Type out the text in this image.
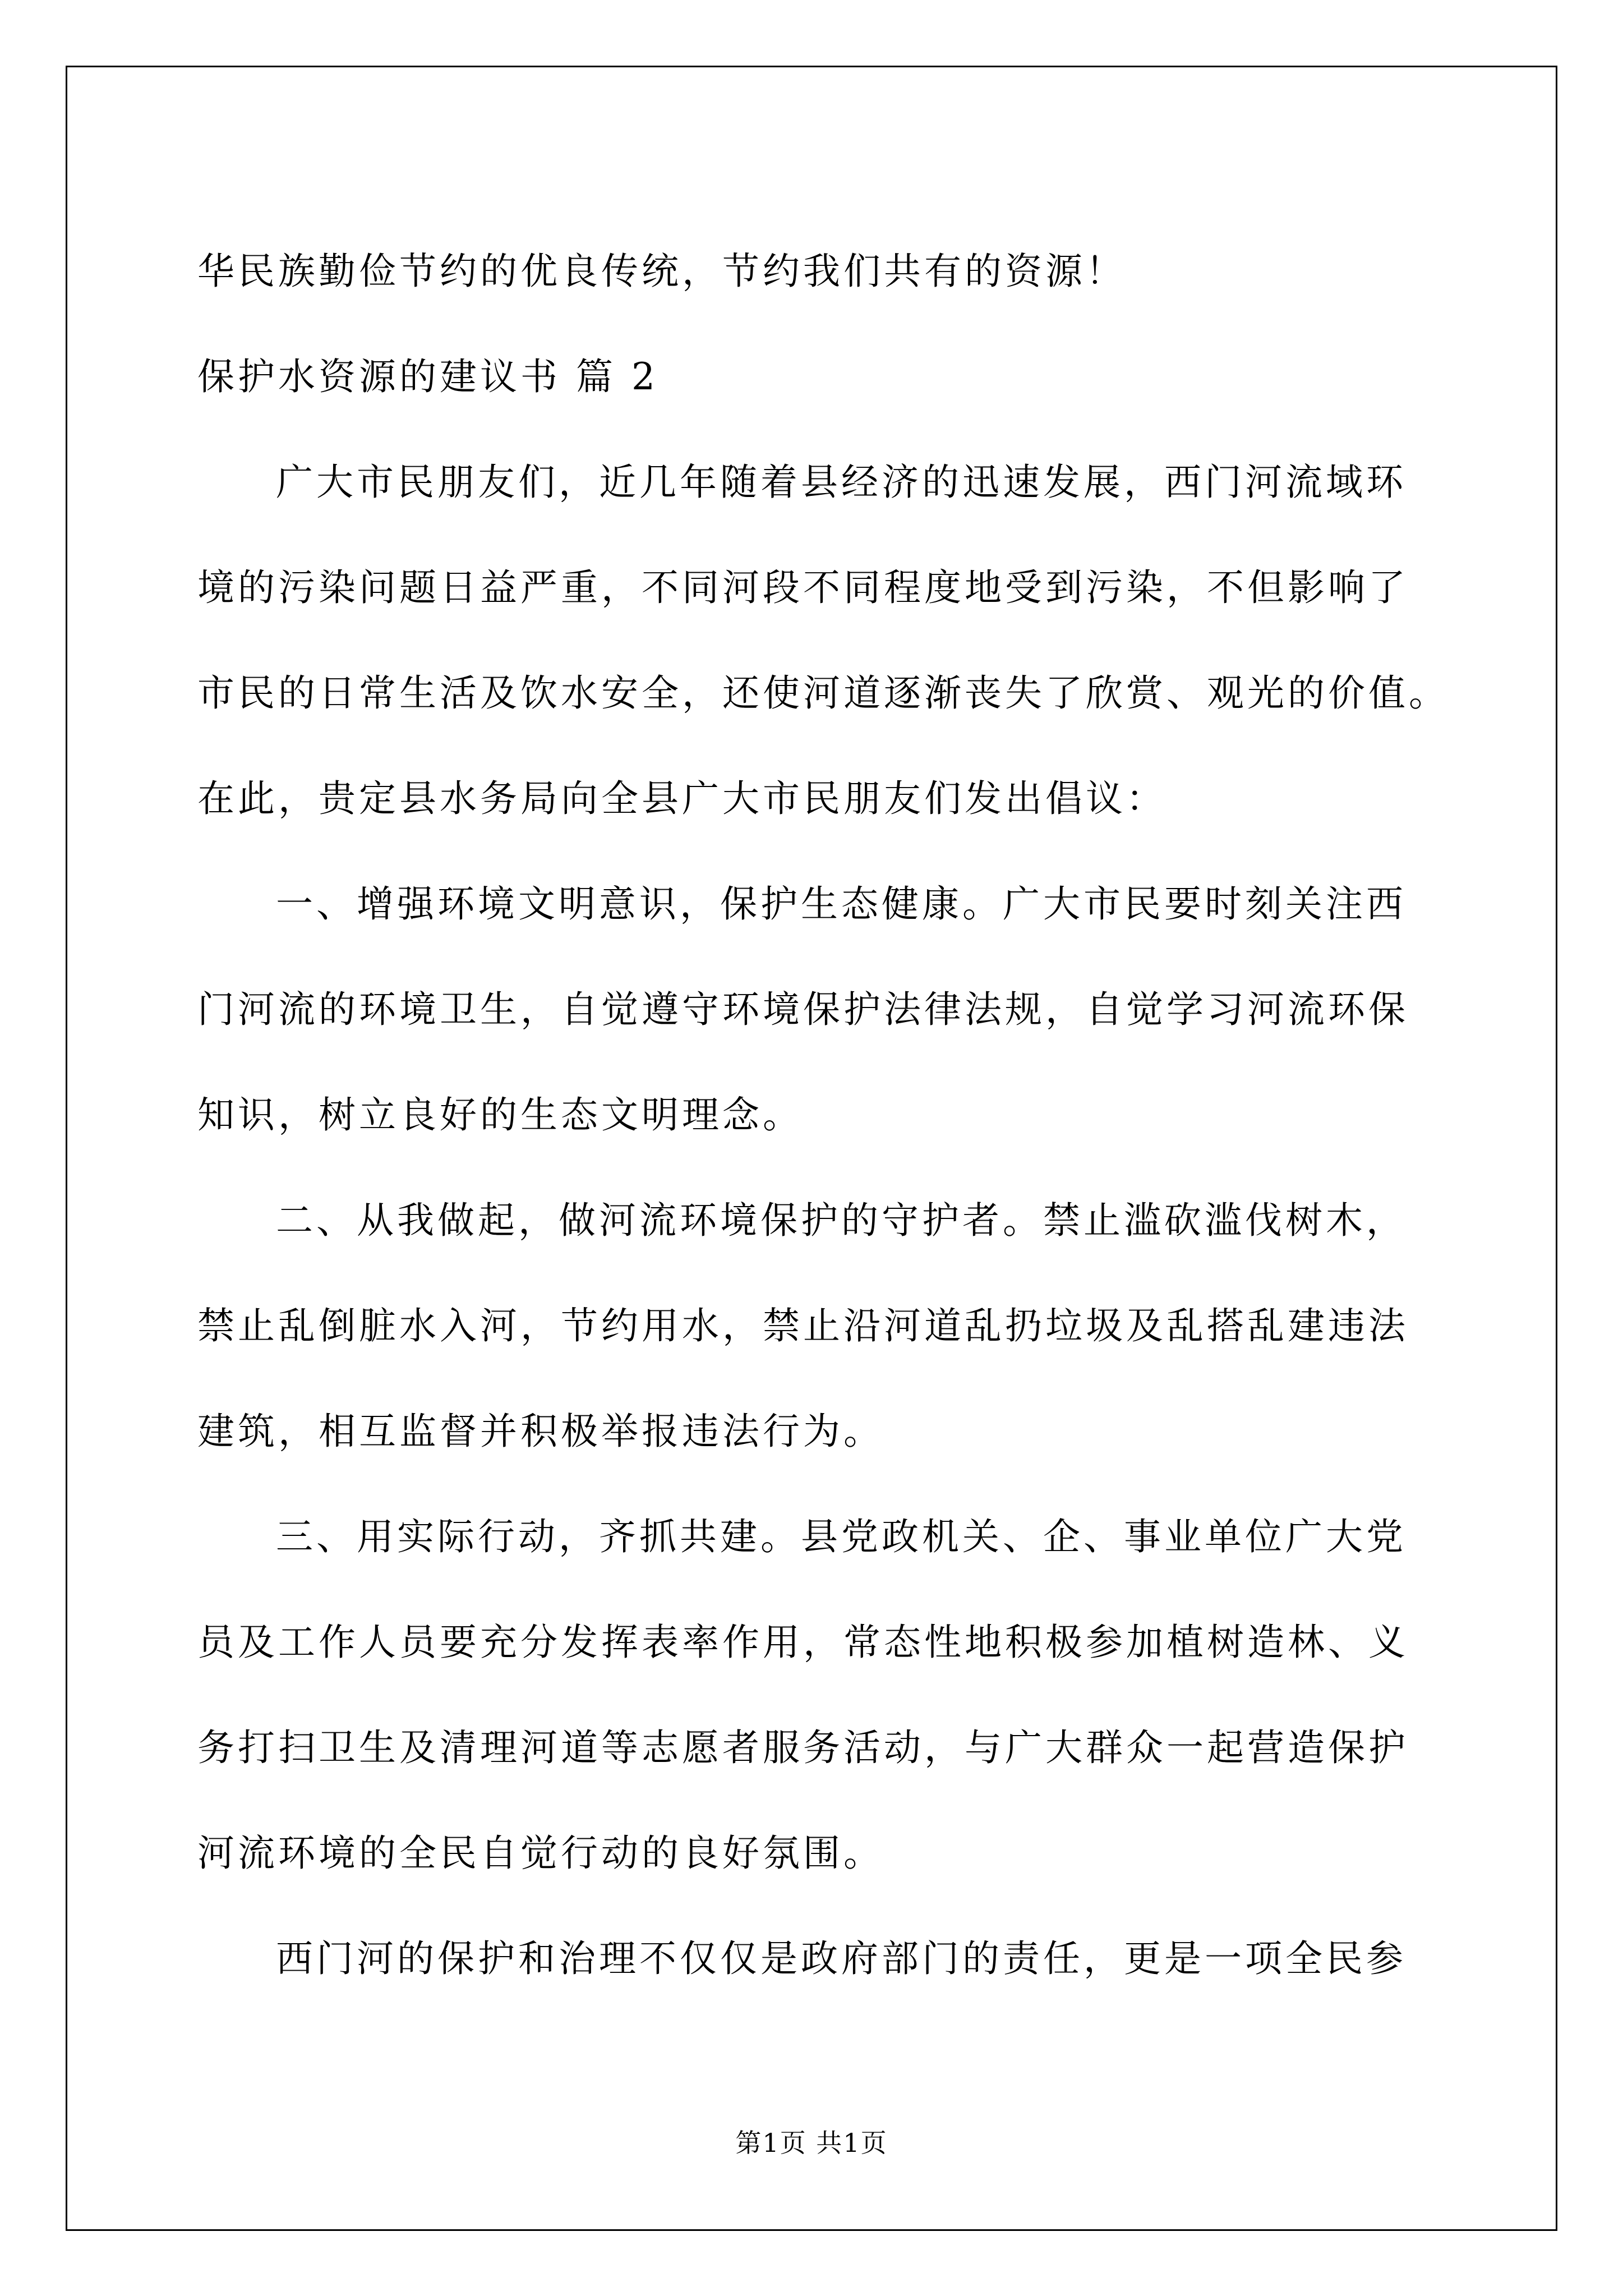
华民族勤俭节约的优良传统，节约我们共有的资源！
保护水资源的建议书 篇 2
广大市民朋友们，近几年随着县经济的迅速发展，西门河流域环
境的污染问题日益严重，不同河段不同程度地受到污染，不但影响了
市民的日常生活及饮水安全，还使河道逐渐丧失了欣赏、观光的价值。
在此，贵定县水务局向全县广大市民朋友们发出倡议：
一、增强环境文明意识，保护生态健康。广大市民要时刻关注西
门河流的环境卫生，自觉遵守环境保护法律法规，自觉学习河流环保
知识，树立良好的生态文明理念。
二、从我做起，做河流环境保护的守护者。禁止滥砍滥伐树木，
禁止乱倒脏水入河，节约用水，禁止沿河道乱扔垃圾及乱搭乱建违法
建筑，相互监督并积极举报违法行为。
三、用实际行动，齐抓共建。县党政机关、企、事业单位广大党
员及工作人员要充分发挥表率作用，常态性地积极参加植树造林、义
务打扫卫生及清理河道等志愿者服务活动，与广大群众一起营造保护
河流环境的全民自觉行动的良好氛围。
西门河的保护和治理不仅仅是政府部门的责任，更是一项全民参
第1页 共1页
